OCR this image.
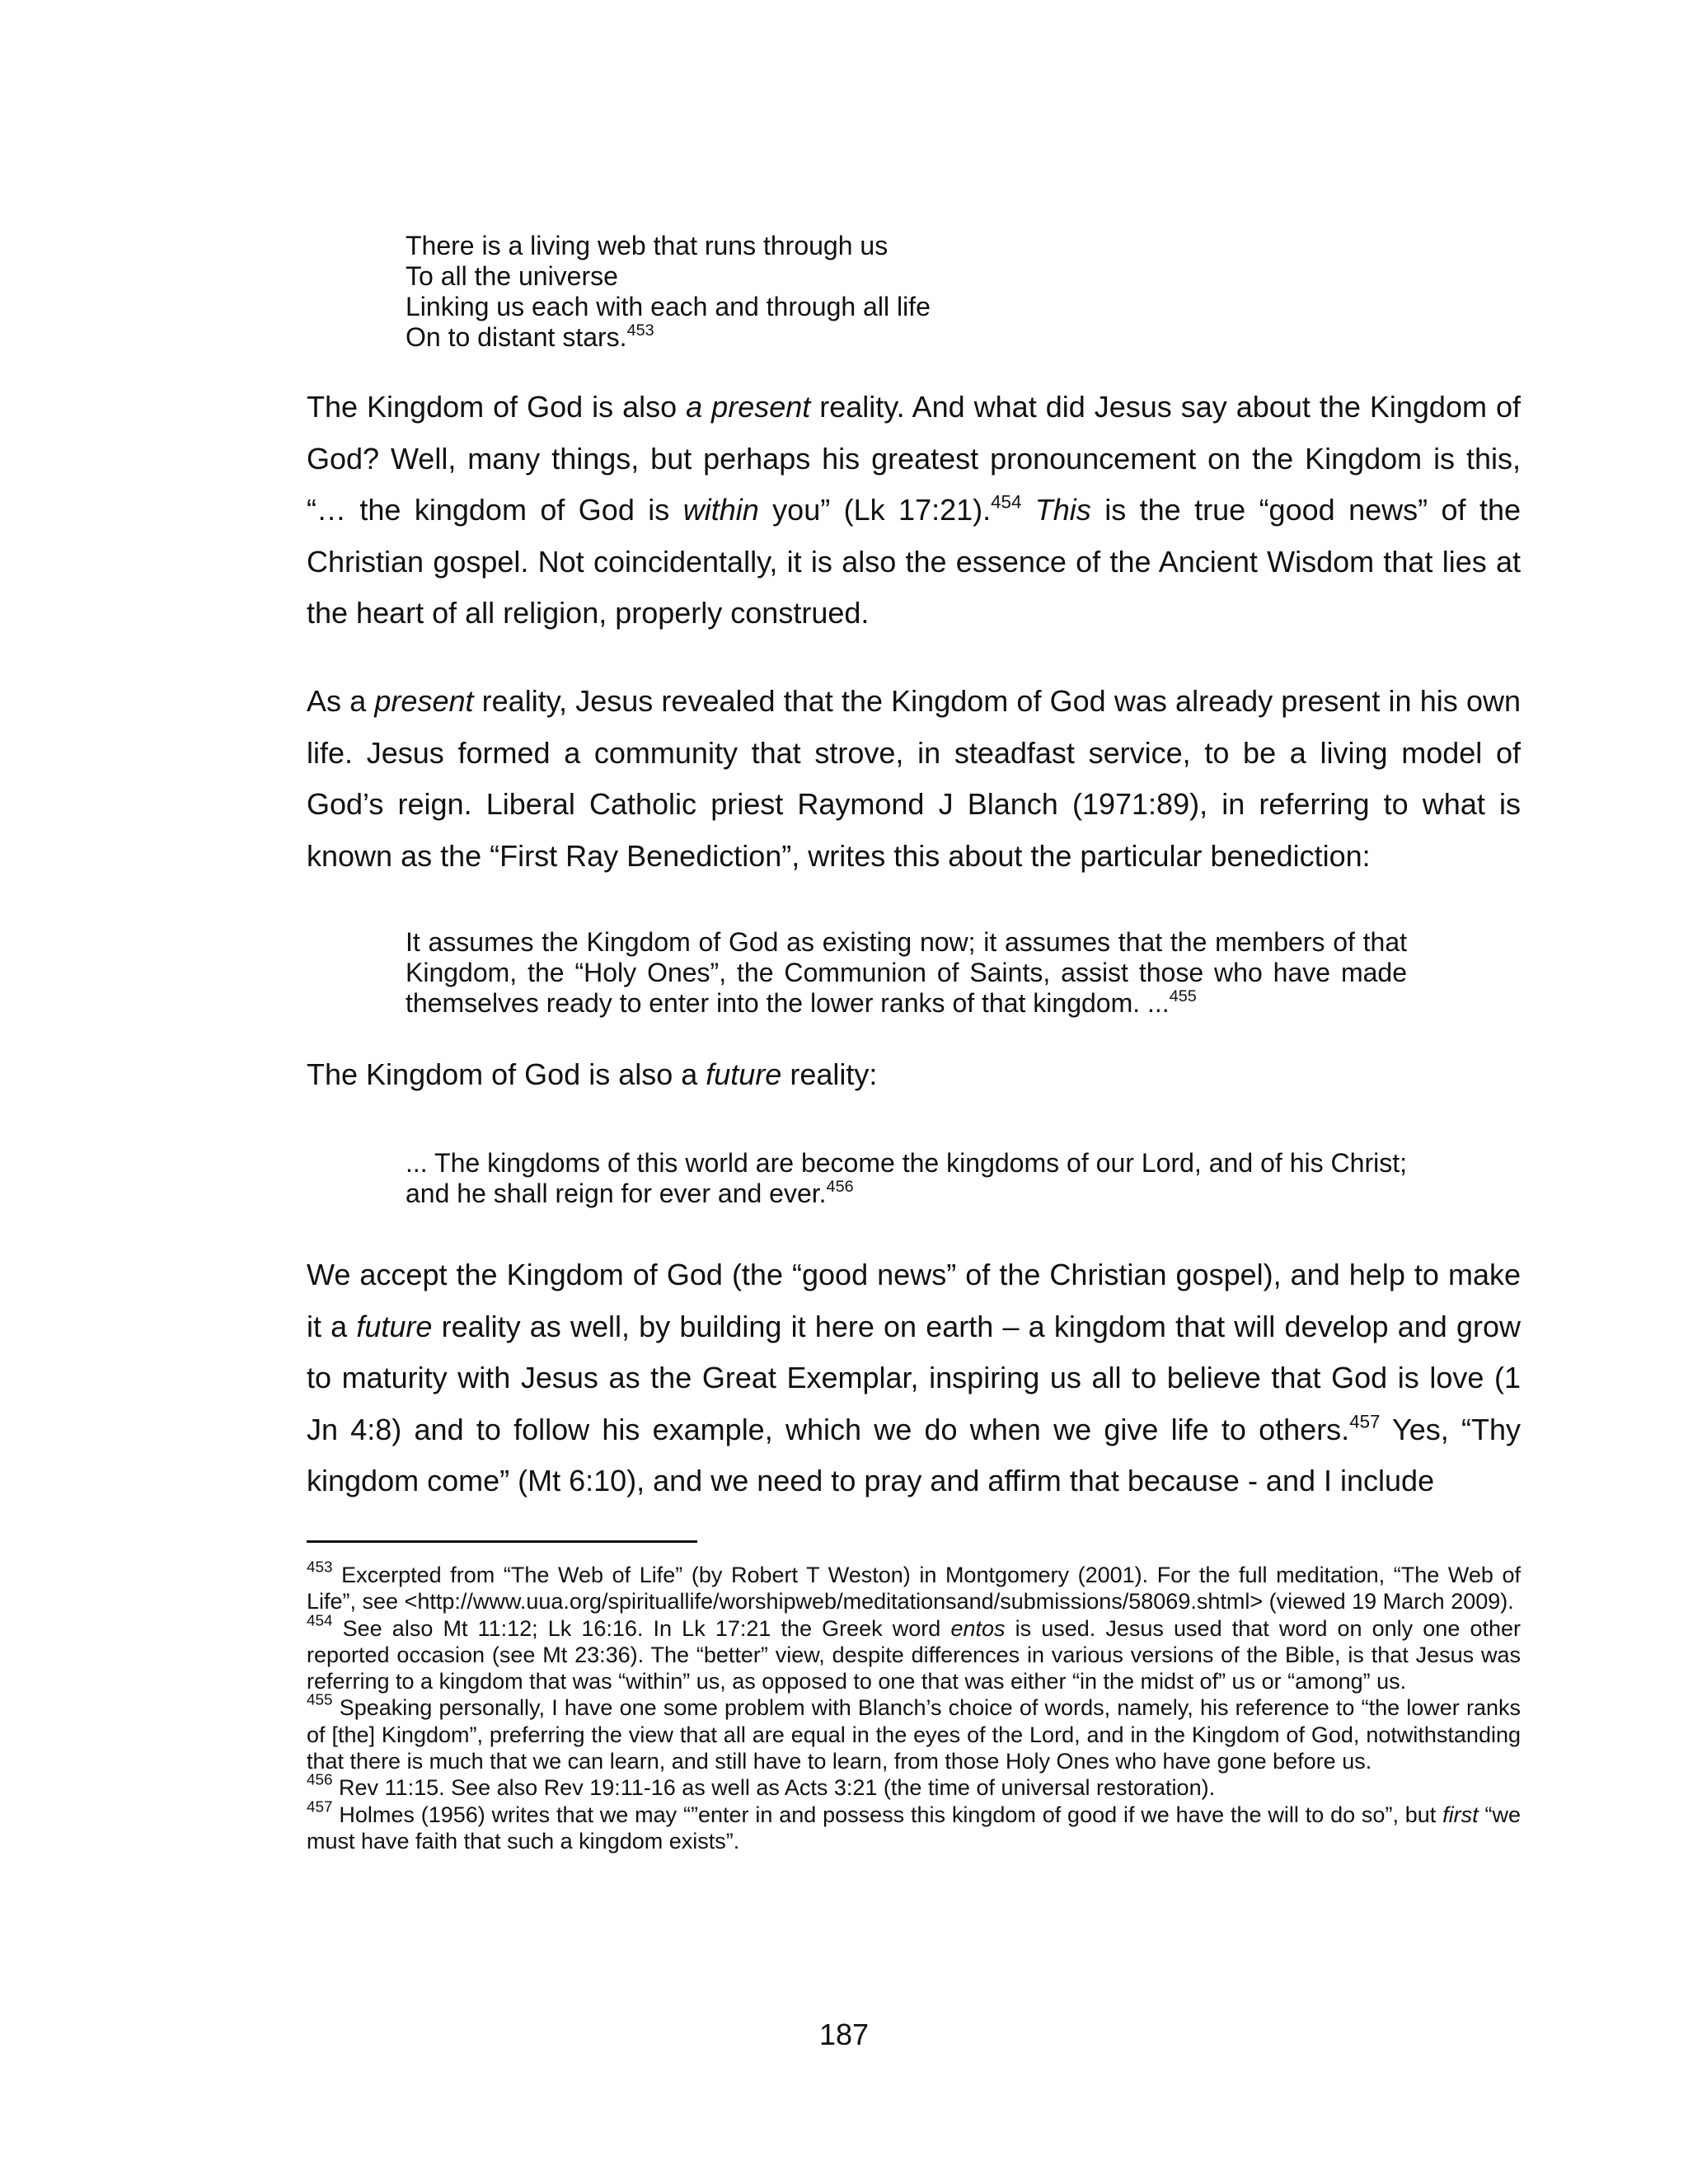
There is a living web that runs through us
To all the universe
Linking us each with each and through all life
On to distant stars.$^{453}$

The Kingdom of God is also a present reality. And what did Jesus say about the Kingdom of God? Well, many things, but perhaps his greatest pronouncement on the Kingdom is this, “… the kingdom of God is within you” (Lk 17:21).$^{454}$ This is the true “good news” of the Christian gospel. Not coincidentally, it is also the essence of the Ancient Wisdom that lies at the heart of all religion, properly construed.

As a present reality, Jesus revealed that the Kingdom of God was already present in his own life. Jesus formed a community that strove, in steadfast service, to be a living model of God’s reign. Liberal Catholic priest Raymond J Blanch (1971:89), in referring to what is known as the “First Ray Benediction”, writes this about the particular benediction:

It assumes the Kingdom of God as existing now; it assumes that the members of that Kingdom, the “Holy Ones”, the Communion of Saints, assist those who have made themselves ready to enter into the lower ranks of that kingdom. ...$^{455}$

The Kingdom of God is also a future reality:

... The kingdoms of this world are become the kingdoms of our Lord, and of his Christ; and he shall reign for ever and ever.$^{456}$

We accept the Kingdom of God (the “good news” of the Christian gospel), and help to make it a future reality as well, by building it here on earth – a kingdom that will develop and grow to maturity with Jesus as the Great Exemplar, inspiring us all to believe that God is love (1 Jn 4:8) and to follow his example, which we do when we give life to others.$^{457}$ Yes, “Thy kingdom come” (Mt 6:10), and we need to pray and affirm that because - and I include

$^{453}$ Excerpted from “The Web of Life” (by Robert T Weston) in Montgomery (2001). For the full meditation, “The Web of Life”, see <http://www.uua.org/spirituallife/worshipweb/meditationsand/submissions/58069.shtml> (viewed 19 March 2009).

$^{454}$ See also Mt 11:12; Lk 16:16. In Lk 17:21 the Greek word entos is used. Jesus used that word on only one other reported occasion (see Mt 23:36). The “better” view, despite differences in various versions of the Bible, is that Jesus was referring to a kingdom that was “within” us, as opposed to one that was either “in the midst of” us or “among” us.

$^{455}$ Speaking personally, I have one some problem with Blanch’s choice of words, namely, his reference to “the lower ranks of [the] Kingdom”, preferring the view that all are equal in the eyes of the Lord, and in the Kingdom of God, notwithstanding that there is much that we can learn, and still have to learn, from those Holy Ones who have gone before us.

$^{456}$ Rev 11:15. See also Rev 19:11-16 as well as Acts 3:21 (the time of universal restoration).

$^{457}$ Holmes (1956) writes that we may “”enter in and possess this kingdom of good if we have the will to do so”, but first “we must have faith that such a kingdom exists”.

187
